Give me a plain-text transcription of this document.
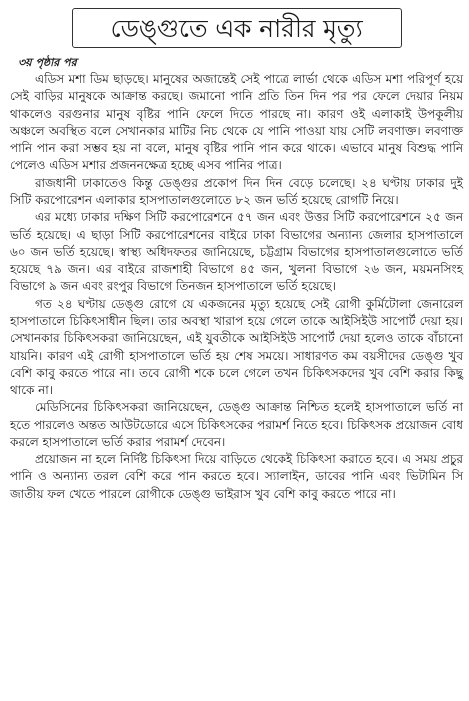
ডেঙ্গুতে এক নারীর মৃত্যু
৩য় পৃষ্ঠার পর

এডিস মশা ডিম ছাড়ছে। মানুষের অজান্তেই সেই পাত্রে লার্ভা থেকে এডিস মশা পরিপূর্ণ হয়ে সেই বাড়ির মানুষকে আক্রান্ত করছে। জমানো পানি প্রতি তিন দিন পর পর ফেলে দেয়ার নিয়ম থাকলেও বরগুনার মানুষ বৃষ্টির পানি ফেলে দিতে পারছে না। কারণ ওই এলাকাই উপকূলীয় অঞ্চলে অবস্থিত বলে সেখানকার মাটির নিচ থেকে যে পানি পাওয়া যায় সেটি লবণাক্ত। লবণাক্ত পানি পান করা সম্ভব হয় না বলে, মানুষ বৃষ্টির পানি পান করে থাকে। এভাবে মানুষ বিশুদ্ধ পানি পেলেও এডিস মশার প্রজননক্ষেত্র হচ্ছে এসব পানির পাত্র।

রাজধানী ঢাকাতেও কিন্তু ডেঙ্গুর প্রকোপ দিন দিন বেড়ে চলেছে। ২৪ ঘণ্টায় ঢাকার দুই সিটি করপোরেশন এলাকার হাসপাতালগুলোতে ৮২ জন ভর্তি হয়েছে রোগটি নিয়ে।

এর মধ্যে ঢাকার দক্ষিণ সিটি করপোরেশনে ৫৭ জন এবং উত্তর সিটি করপোরেশনে ২৫ জন ভর্তি হয়েছে। এ ছাড়া সিটি করপোরেশনের বাইরে ঢাকা বিভাগের অন্যান্য জেলার হাসপাতালে ৬০ জন ভর্তি হয়েছে। স্বাস্থ্য অধিদফতর জানিয়েছে, চট্টগ্রাম বিভাগের হাসপাতালগুলোতে ভর্তি হয়েছে ৭৯ জন। এর বাইরে রাজশাহী বিভাগে ৪৫ জন, খুলনা বিভাগে ২৬ জন, ময়মনসিংহ বিভাগে ৯ জন এবং রংপুর বিভাগে তিনজন হাসপাতালে ভর্তি হয়েছে।

গত ২৪ ঘণ্টায় ডেঙ্গু রোগে যে একজনের মৃত্যু হয়েছে সেই রোগী কুর্মিটোলা জেনারেল হাসপাতালে চিকিৎসাধীন ছিল। তার অবস্থা খারাপ হয়ে গেলে তাকে আইসিইউ সাপোর্ট দেয়া হয়। সেখানকার চিকিৎসকরা জানিয়েছেন, এই যুবতীকে আইসিইউ সাপোর্ট দেয়া হলেও তাকে বাঁচানো যায়নি। কারণ এই রোগী হাসপাতালে ভর্তি হয় শেষ সময়ে। সাধারণত কম বয়সীদের ডেঙ্গু খুব বেশি কাবু করতে পারে না। তবে রোগী শকে চলে গেলে তখন চিকিৎসকদের খুব বেশি করার কিছু থাকে না।

মেডিসিনের চিকিৎসকরা জানিয়েছেন, ডেঙ্গু আক্রান্ত নিশ্চিত হলেই হাসপাতালে ভর্তি না হতে পারলেও অন্তত আউটডোরে এসে চিকিৎসকের পরামর্শ নিতে হবে। চিকিৎসক প্রয়োজন বোধ করলে হাসপাতালে ভর্তি করার পরামর্শ দেবেন।

প্রয়োজন না হলে নির্দিষ্ট চিকিৎসা দিয়ে বাড়িতে থেকেই চিকিৎসা করাতে হবে। এ সময় প্রচুর পানি ও অন্যান্য তরল বেশি করে পান করতে হবে। স্যালাইন, ডাবের পানি এবং ভিটামিন সি জাতীয় ফল খেতে পারলে রোগীকে ডেঙ্গু ভাইরাস খুব বেশি কাবু করতে পারে না।
